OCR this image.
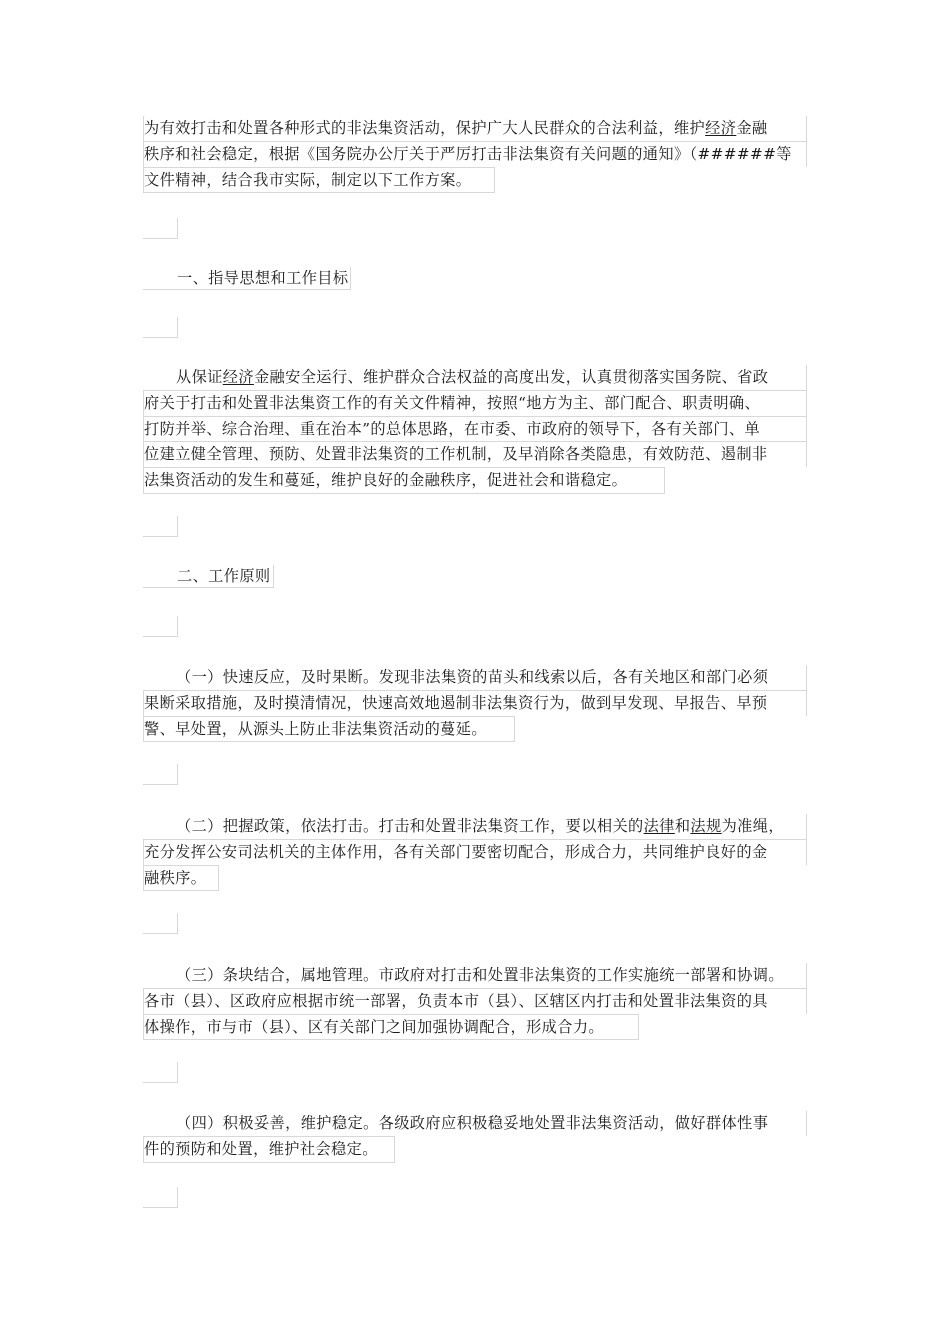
为有效打击和处置各种形式的非法集资活动，保护广大人民群众的合法利益，维护经济金融
秩序和社会稳定，根据《国务院办公厅关于严厉打击非法集资有关问题的通知》（######等
文件精神，结合我市实际，制定以下工作方案。
一、指导思想和工作目标
从保证经济金融安全运行、维护群众合法权益的高度出发，认真贯彻落实国务院、省政
府关于打击和处置非法集资工作的有关文件精神，按照“地方为主、部门配合、职责明确、
打防并举、综合治理、重在治本”的总体思路，在市委、市政府的领导下，各有关部门、单
位建立健全管理、预防、处置非法集资的工作机制，及早消除各类隐患，有效防范、遏制非
法集资活动的发生和蔓延，维护良好的金融秩序，促进社会和谐稳定。
二、工作原则
（一）快速反应，及时果断。发现非法集资的苗头和线索以后，各有关地区和部门必须
果断采取措施，及时摸清情况，快速高效地遏制非法集资行为，做到早发现、早报告、早预
警、早处置，从源头上防止非法集资活动的蔓延。
（二）把握政策，依法打击。打击和处置非法集资工作，要以相关的法律和法规为准绳，
充分发挥公安司法机关的主体作用，各有关部门要密切配合，形成合力，共同维护良好的金
融秩序。
（三）条块结合，属地管理。市政府对打击和处置非法集资的工作实施统一部署和协调。
各市（县）、区政府应根据市统一部署，负责本市（县）、区辖区内打击和处置非法集资的具
体操作，市与市（县）、区有关部门之间加强协调配合，形成合力。
（四）积极妥善，维护稳定。各级政府应积极稳妥地处置非法集资活动，做好群体性事
件的预防和处置，维护社会稳定。
